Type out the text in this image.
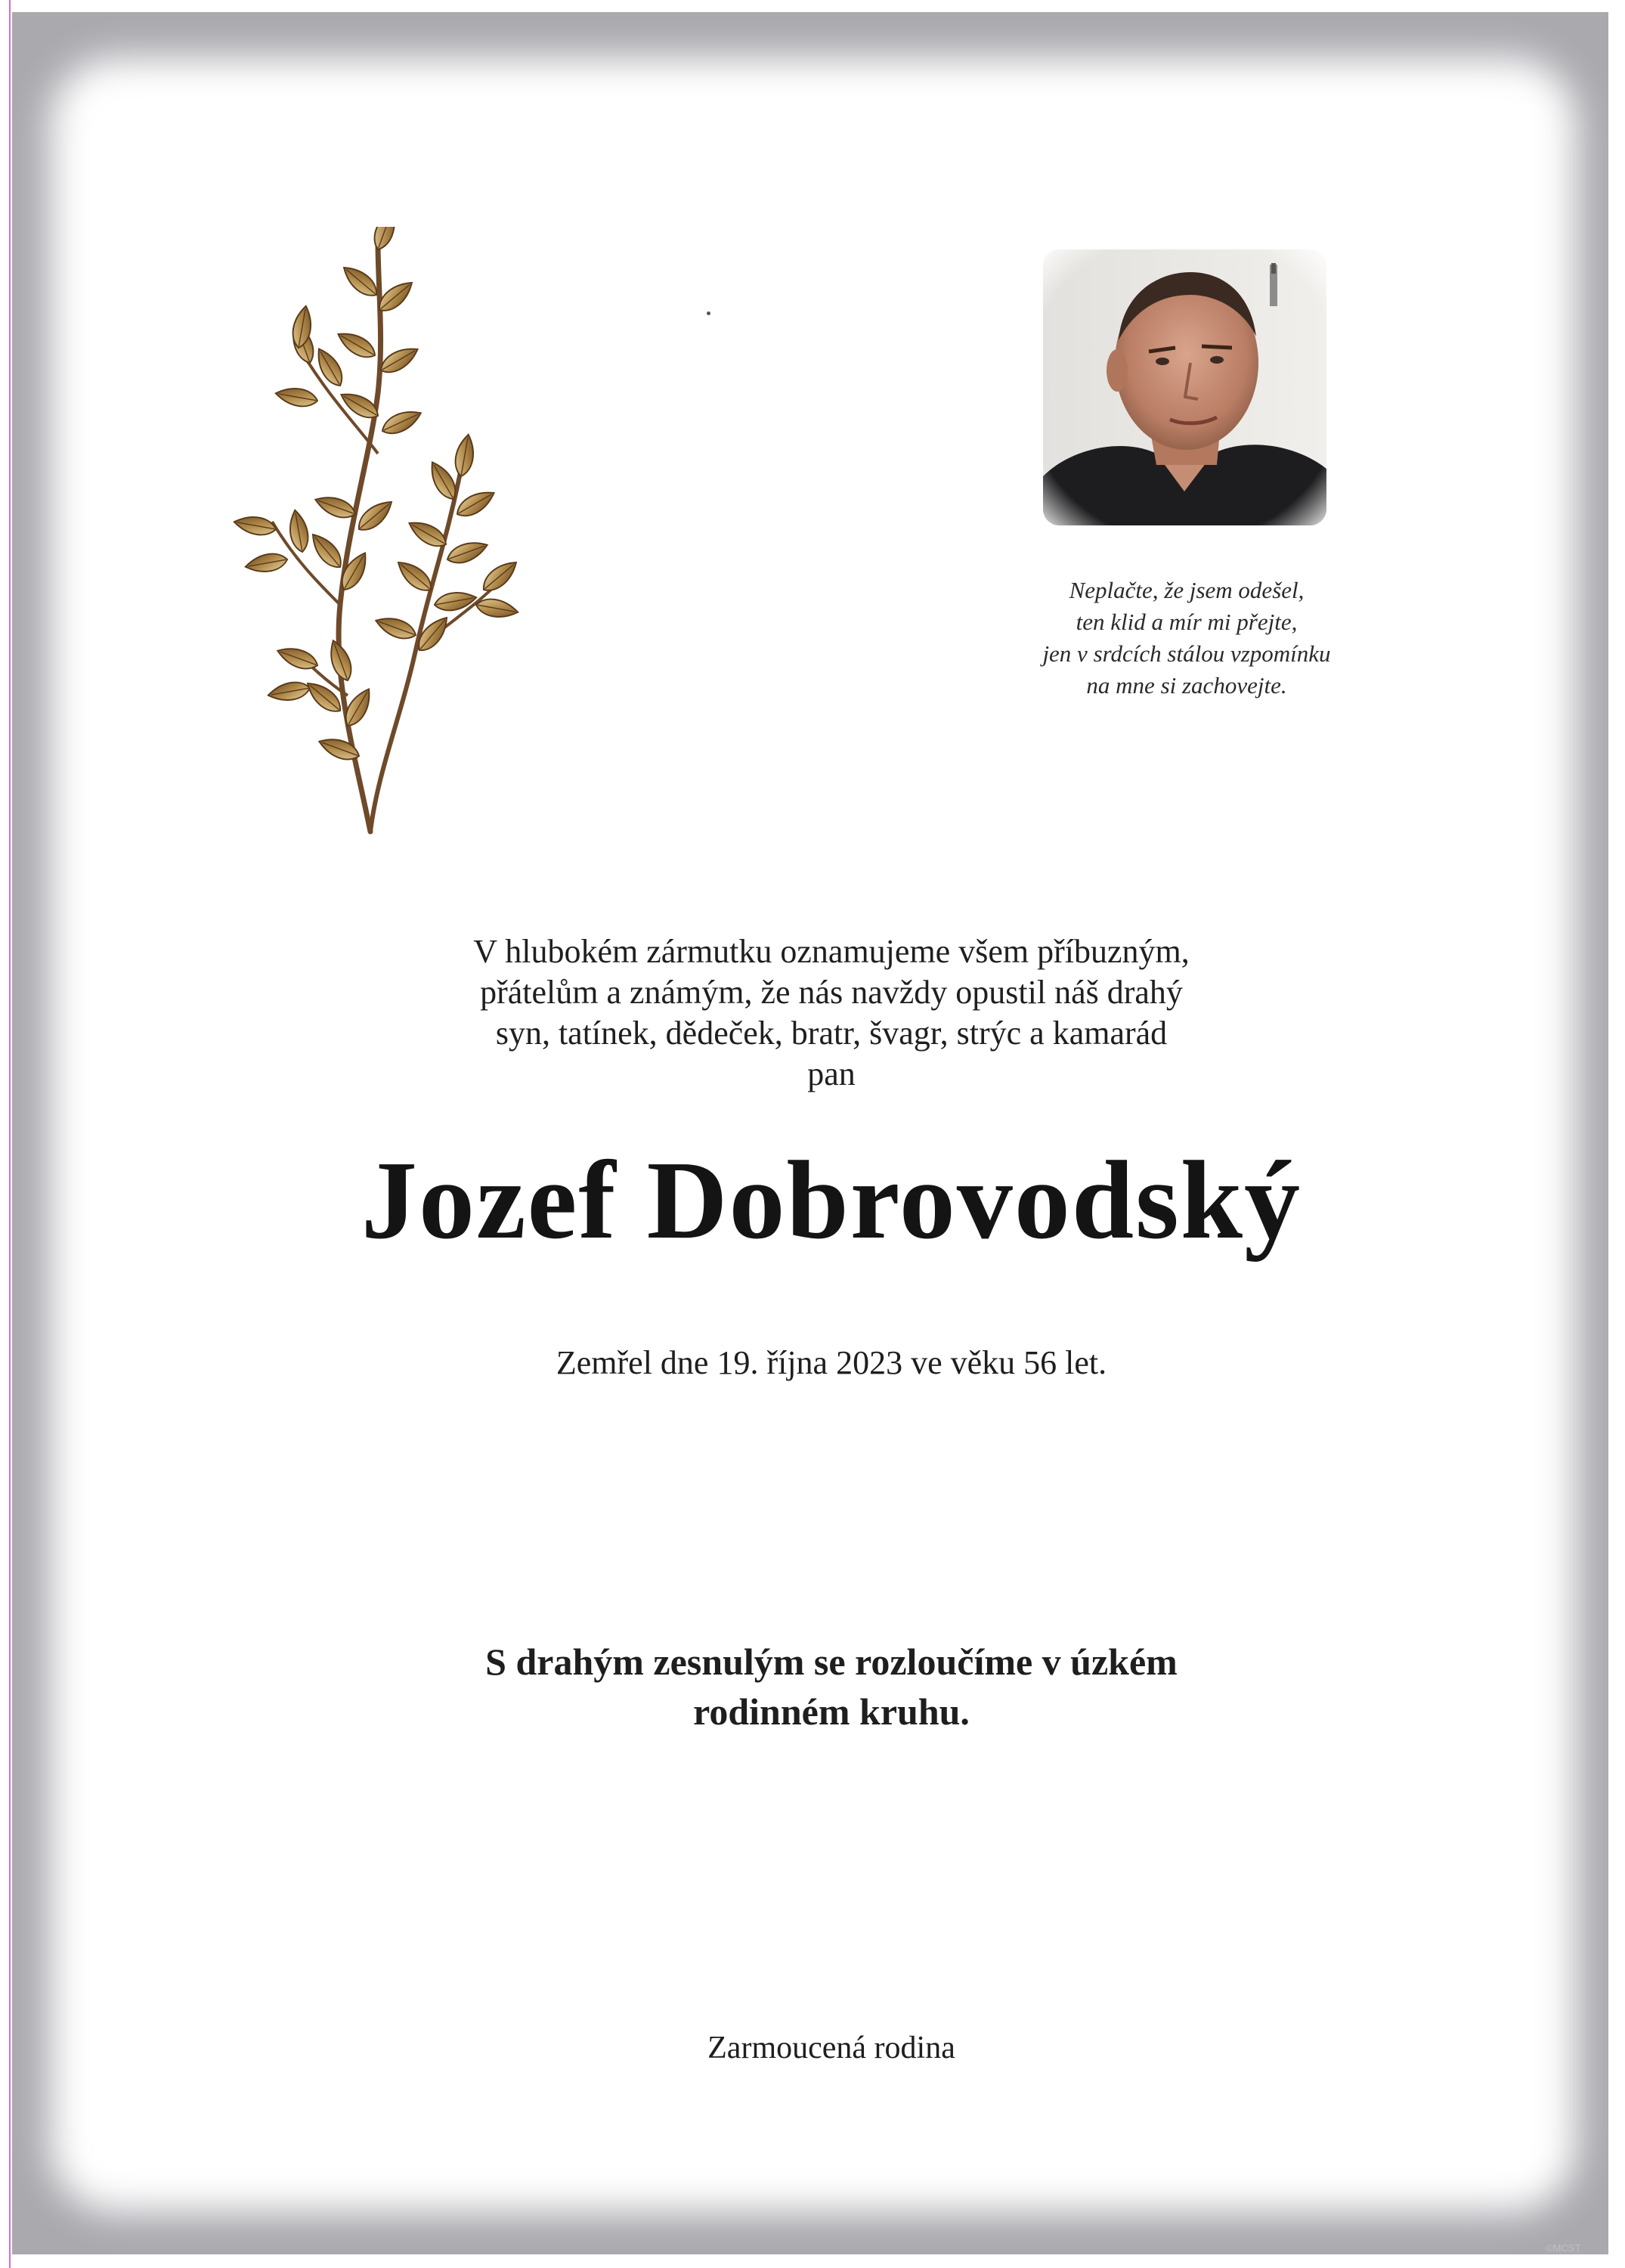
Neplačte, že jsem odešel,
ten klid a mír mi přejte,
jen v srdcích stálou vzpomínku
na mne si zachovejte.
V hlubokém zármutku oznamujeme všem příbuzným,
přátelům a známým, že nás navždy opustil náš drahý
syn, tatínek, dědeček, bratr, švagr, strýc a kamarád
pan
Jozef Dobrovodský
Zemřel dne 19. října 2023 ve věku 56 let.
S drahým zesnulým se rozloučíme v úzkém
rodinném kruhu.
Zarmoucená rodina
©MCST
